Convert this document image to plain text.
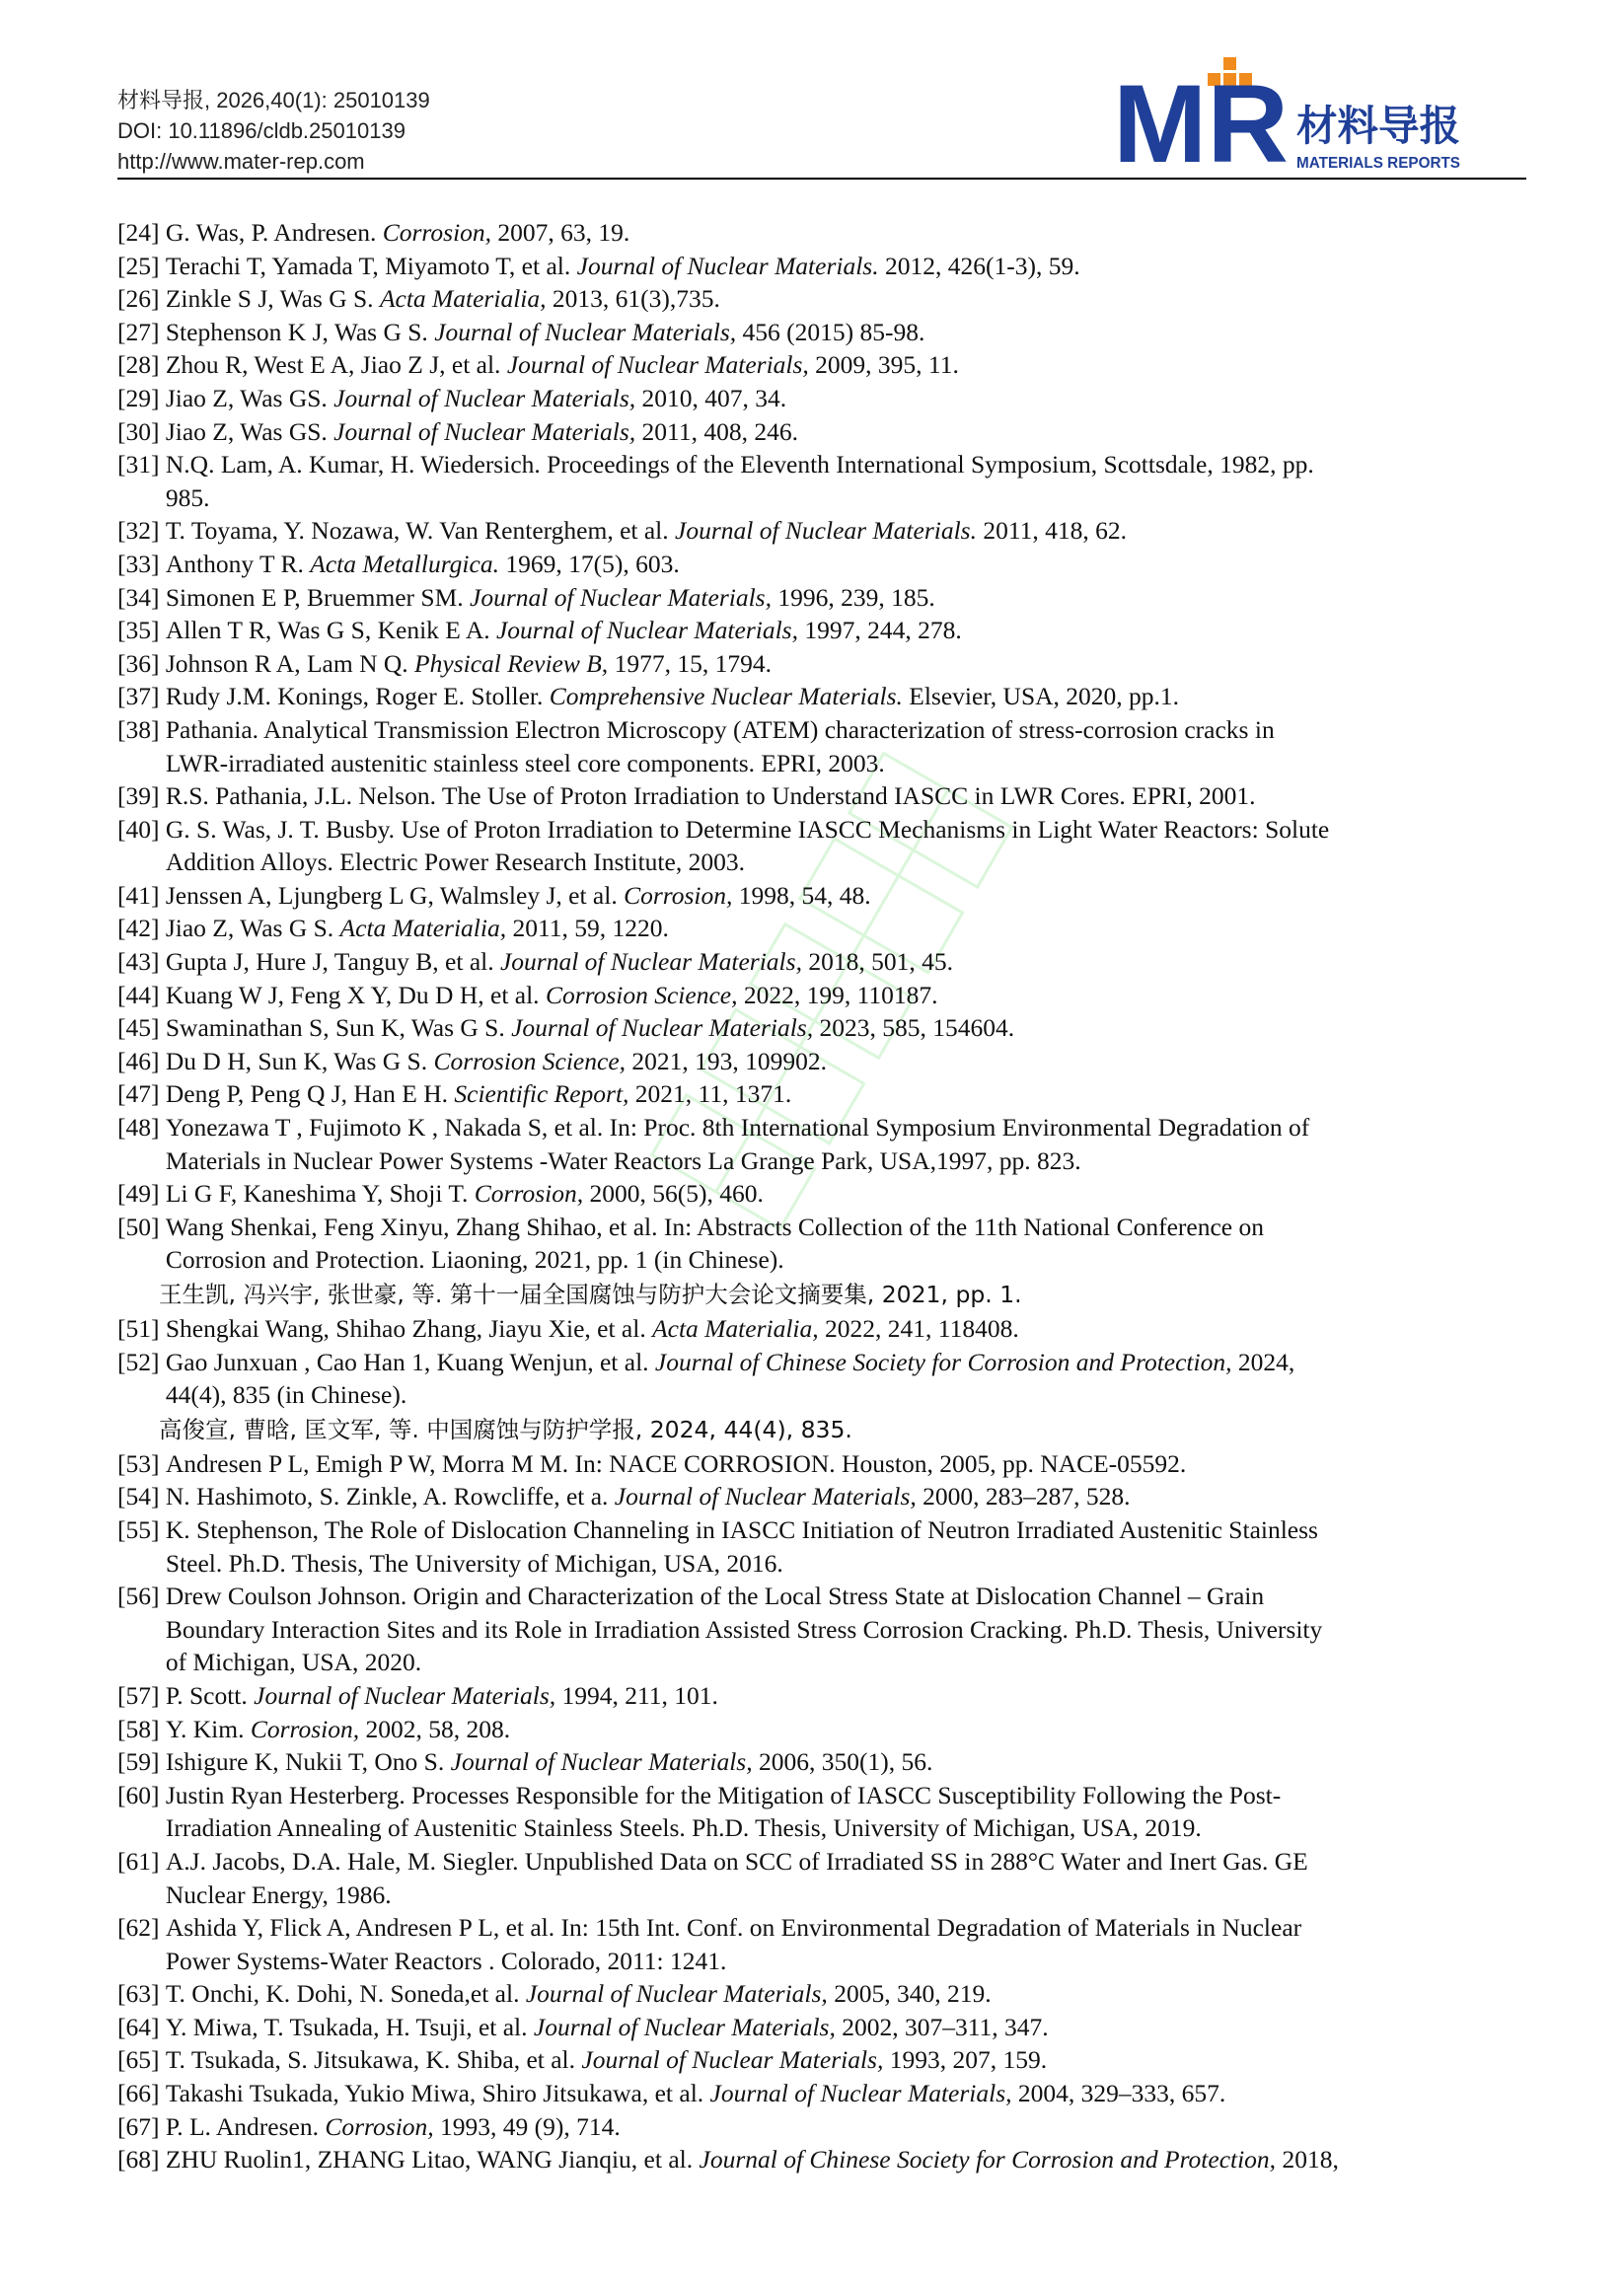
材料导报, 2026,40(1): 25010139
DOI: 10.11896/cldb.25010139
http://www.mater-rep.com	MR 材料导报
MATERIALS REPORTS
[24] G. Was, P. Andresen. Corrosion, 2007, 63, 19.
[25] Terachi T, Yamada T, Miyamoto T, et al. Journal of Nuclear Materials. 2012, 426(1-3), 59.
[26] Zinkle S J, Was G S. Acta Materialia, 2013, 61(3),735.
[27] Stephenson K J, Was G S. Journal of Nuclear Materials, 456 (2015) 85-98.
[28] Zhou R, West E A, Jiao Z J, et al. Journal of Nuclear Materials, 2009, 395, 11.
[29] Jiao Z, Was GS. Journal of Nuclear Materials, 2010, 407, 34.
[30] Jiao Z, Was GS. Journal of Nuclear Materials, 2011, 408, 246.
[31] N.Q. Lam, A. Kumar, H. Wiedersich. Proceedings of the Eleventh International Symposium, Scottsdale, 1982, pp.
985.
[32] T. Toyama, Y. Nozawa, W. Van Renterghem, et al. Journal of Nuclear Materials. 2011, 418, 62.
[33] Anthony T R. Acta Metallurgica. 1969, 17(5), 603.
[34] Simonen E P, Bruemmer SM. Journal of Nuclear Materials, 1996, 239, 185.
[35] Allen T R, Was G S, Kenik E A. Journal of Nuclear Materials, 1997, 244, 278.
[36] Johnson R A, Lam N Q. Physical Review B, 1977, 15, 1794.
[37] Rudy J.M. Konings, Roger E. Stoller. Comprehensive Nuclear Materials. Elsevier, USA, 2020, pp.1.
[38] Pathania. Analytical Transmission Electron Microscopy (ATEM) characterization of stress-corrosion cracks in
LWR-irradiated austenitic stainless steel core components. EPRI, 2003.
[39] R.S. Pathania, J.L. Nelson. The Use of Proton Irradiation to Understand IASCC in LWR Cores. EPRI, 2001.
[40] G. S. Was, J. T. Busby. Use of Proton Irradiation to Determine IASCC Mechanisms in Light Water Reactors: Solute
Addition Alloys. Electric Power Research Institute, 2003.
[41] Jenssen A, Ljungberg L G, Walmsley J, et al. Corrosion, 1998, 54, 48.
[42] Jiao Z, Was G S. Acta Materialia, 2011, 59, 1220.
[43] Gupta J, Hure J, Tanguy B, et al. Journal of Nuclear Materials, 2018, 501, 45.
[44] Kuang W J, Feng X Y, Du D H, et al. Corrosion Science, 2022, 199, 110187.
[45] Swaminathan S, Sun K, Was G S. Journal of Nuclear Materials, 2023, 585, 154604.
[46] Du D H, Sun K, Was G S. Corrosion Science, 2021, 193, 109902.
[47] Deng P, Peng Q J, Han E H. Scientific Report, 2021, 11, 1371.
[48] Yonezawa T , Fujimoto K , Nakada S, et al. In: Proc. 8th International Symposium Environmental Degradation of
Materials in Nuclear Power Systems -Water Reactors La Grange Park, USA,1997, pp. 823.
[49] Li G F, Kaneshima Y, Shoji T. Corrosion, 2000, 56(5), 460.
[50] Wang Shenkai, Feng Xinyu, Zhang Shihao, et al. In: Abstracts Collection of the 11th National Conference on
Corrosion and Protection. Liaoning, 2021, pp. 1 (in Chinese).
王生凯, 冯兴宇, 张世豪, 等. 第十一届全国腐蚀与防护大会论文摘要集, 2021, pp. 1.
[51] Shengkai Wang, Shihao Zhang, Jiayu Xie, et al. Acta Materialia, 2022, 241, 118408.
[52] Gao Junxuan , Cao Han 1, Kuang Wenjun, et al. Journal of Chinese Society for Corrosion and Protection, 2024,
44(4), 835 (in Chinese).
高俊宣, 曹晗, 匡文军, 等. 中国腐蚀与防护学报, 2024, 44(4), 835.
[53] Andresen P L, Emigh P W, Morra M M. In: NACE CORROSION. Houston, 2005, pp. NACE-05592.
[54] N. Hashimoto, S. Zinkle, A. Rowcliffe, et a. Journal of Nuclear Materials, 2000, 283–287, 528.
[55] K. Stephenson, The Role of Dislocation Channeling in IASCC Initiation of Neutron Irradiated Austenitic Stainless
Steel. Ph.D. Thesis, The University of Michigan, USA, 2016.
[56] Drew Coulson Johnson. Origin and Characterization of the Local Stress State at Dislocation Channel – Grain
Boundary Interaction Sites and its Role in Irradiation Assisted Stress Corrosion Cracking. Ph.D. Thesis, University
of Michigan, USA, 2020.
[57] P. Scott. Journal of Nuclear Materials, 1994, 211, 101.
[58] Y. Kim. Corrosion, 2002, 58, 208.
[59] Ishigure K, Nukii T, Ono S. Journal of Nuclear Materials, 2006, 350(1), 56.
[60] Justin Ryan Hesterberg. Processes Responsible for the Mitigation of IASCC Susceptibility Following the Post-
Irradiation Annealing of Austenitic Stainless Steels. Ph.D. Thesis, University of Michigan, USA, 2019.
[61] A.J. Jacobs, D.A. Hale, M. Siegler. Unpublished Data on SCC of Irradiated SS in 288°C Water and Inert Gas. GE
Nuclear Energy, 1986.
[62] Ashida Y, Flick A, Andresen P L, et al. In: 15th Int. Conf. on Environmental Degradation of Materials in Nuclear
Power Systems-Water Reactors . Colorado, 2011: 1241.
[63] T. Onchi, K. Dohi, N. Soneda,et al. Journal of Nuclear Materials, 2005, 340, 219.
[64] Y. Miwa, T. Tsukada, H. Tsuji, et al. Journal of Nuclear Materials, 2002, 307–311, 347.
[65] T. Tsukada, S. Jitsukawa, K. Shiba, et al. Journal of Nuclear Materials, 1993, 207, 159.
[66] Takashi Tsukada, Yukio Miwa, Shiro Jitsukawa, et al. Journal of Nuclear Materials, 2004, 329–333, 657.
[67] P. L. Andresen. Corrosion, 1993, 49 (9), 714.
[68] ZHU Ruolin1, ZHANG Litao, WANG Jianqiu, et al. Journal of Chinese Society for Corrosion and Protection, 2018,
